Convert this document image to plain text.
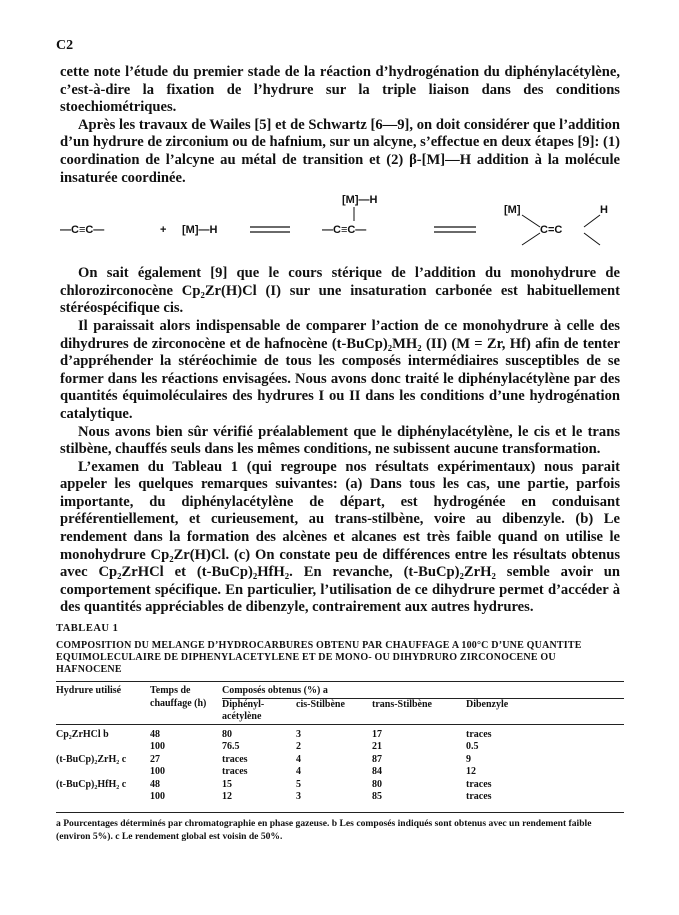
C2

cette note l’étude du premier stade de la réaction d’hydrogénation du diphénylacétylène, c’est-à-dire la fixation de l’hydrure sur la triple liaison dans des conditions stoechiométriques.

Après les travaux de Wailes [5] et de Schwartz [6—9], on doit considérer que l’addition d’un hydrure de zirconium ou de hafnium, sur un alcyne, s’effectue en deux étapes [9]: (1) coordination de l’alcyne au métal de transition et (2) β-[M]—H addition à la molécule insaturée coordinée.

—C≡C—	+ [M]—H
[M]—H
—C≡C—
[M]	H
C=C

On sait également [9] que le cours stérique de l’addition du monohydrure de chlorozirconocène Cp₂Zr(H)Cl (I) sur une insaturation carbonée est habituellement stéréospécifique cis.

Il paraissait alors indispensable de comparer l’action de ce monohydrure à celle des dihydrures de zirconocène et de hafnocène (t-BuCp)₂MH₂ (II) (M = Zr, Hf) afin de tenter d’appréhender la stéréochimie de tous les composés intermédiaires susceptibles de se former dans les réactions envisagées. Nous avons donc traité le diphénylacétylène par des quantités équimoléculaires des hydrures I ou II dans les conditions d’une hydrogénation catalytique.

Nous avons bien sûr vérifié préalablement que le diphénylacétylène, le cis et le trans stilbène, chauffés seuls dans les mêmes conditions, ne subissent aucune transformation.

L’examen du Tableau 1 (qui regroupe nos résultats expérimentaux) nous parait appeler les quelques remarques suivantes: (a) Dans tous les cas, une partie, parfois importante, du diphénylacétylène de départ, est hydrogénée en conduisant préférentiellement, et curieusement, au trans-stilbène, voire au dibenzyle. (b) Le rendement dans la formation des alcènes et alcanes est très faible quand on utilise le monohydrure Cp₂Zr(H)Cl. (c) On constate peu de différences entre les résultats obtenus avec Cp₂ZrHCl et (t-BuCp)₂HfH₂. En revanche, (t-BuCp)₂ZrH₂ semble avoir un comportement spécifique. En particulier, l’utilisation de ce dihydrure permet d’accéder à des quantités appréciables de dibenzyle, contrairement aux autres hydrures.

TABLEAU 1
COMPOSITION DU MELANGE D’HYDROCARBURES OBTENU PAR CHAUFFAGE A 100°C D’UNE QUANTITE EQUIMOLECULAIRE DE DIPHENYLACETYLENE ET DE MONO- OU DIHYDRURO ZIRCONOCENE OU HAFNOCENE
Hydrure utilisé	Temps de chauffage (h)	Composés obtenus (%) a			
		Diphényl- acétylène	cis-Stilbène	trans-Stilbène	Dibenzyle
Cp₂ZrHCl b	48	80	3	17	traces
	100	76.5	2	21	0.5
(t-BuCp)₂ZrH₂ c	27	traces	4	87	9
	100	traces	4	84	12
(t-BuCp)₂HfH₂ c	48	15	5	80	traces
	100	12	3	85	traces
a Pourcentages déterminés par chromatographie en phase gazeuse. b Les composés indiqués sont obtenus avec un rendement faible (environ 5%). c Le rendement global est voisin de 50%.
